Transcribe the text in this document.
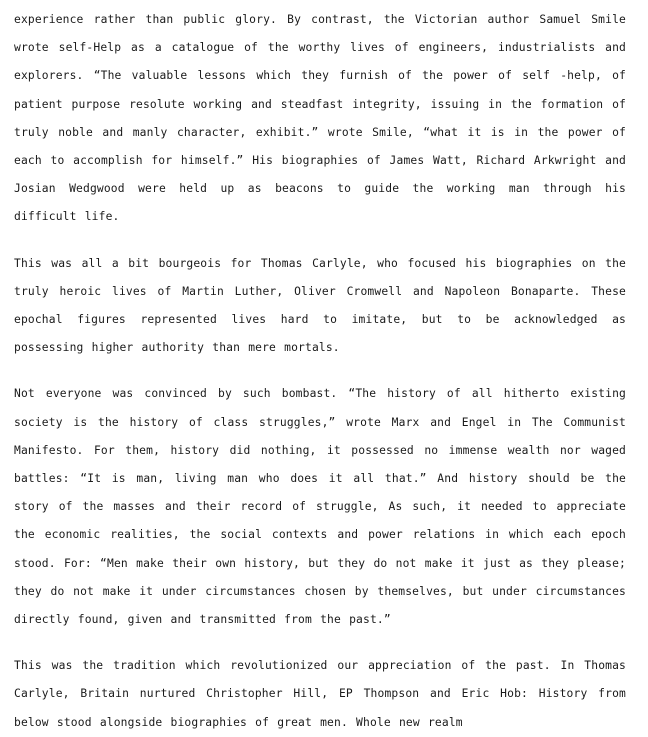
experience rather than public glory. By contrast, the Victorian author Samuel Smile wrote self-Help as a catalogue of the worthy lives of engineers, industrialists and explorers. “The valuable lessons which they furnish of the power of self -help, of patient purpose resolute working and steadfast integrity, issuing in the formation of truly noble and manly character, exhibit.” wrote Smile, “what it is in the power of each to accomplish for himself.” His biographies of James Watt, Richard Arkwright and Josian Wedgwood were held up as beacons to guide the working man through his difficult life.

This was all a bit bourgeois for Thomas Carlyle, who focused his biographies on the truly heroic lives of Martin Luther, Oliver Cromwell and Napoleon Bonaparte. These epochal figures represented lives hard to imitate, but to be acknowledged as possessing higher authority than mere mortals.

Not everyone was convinced by such bombast. “The history of all hitherto existing society is the history of class struggles,” wrote Marx and Engel in The Communist Manifesto. For them, history did nothing, it possessed no immense wealth nor waged battles: “It is man, living man who does it all that.” And history should be the story of the masses and their record of struggle, As such, it needed to appreciate the economic realities, the social contexts and power relations in which each epoch stood. For: “Men make their own history, but they do not make it just as they please; they do not make it under circumstances chosen by themselves, but under circumstances directly found, given and transmitted from the past.”

This was the tradition which revolutionized our appreciation of the past. In Thomas Carlyle, Britain nurtured Christopher Hill, EP Thompson and Eric Hob: History from below stood alongside biographies of great men. Whole new realm
